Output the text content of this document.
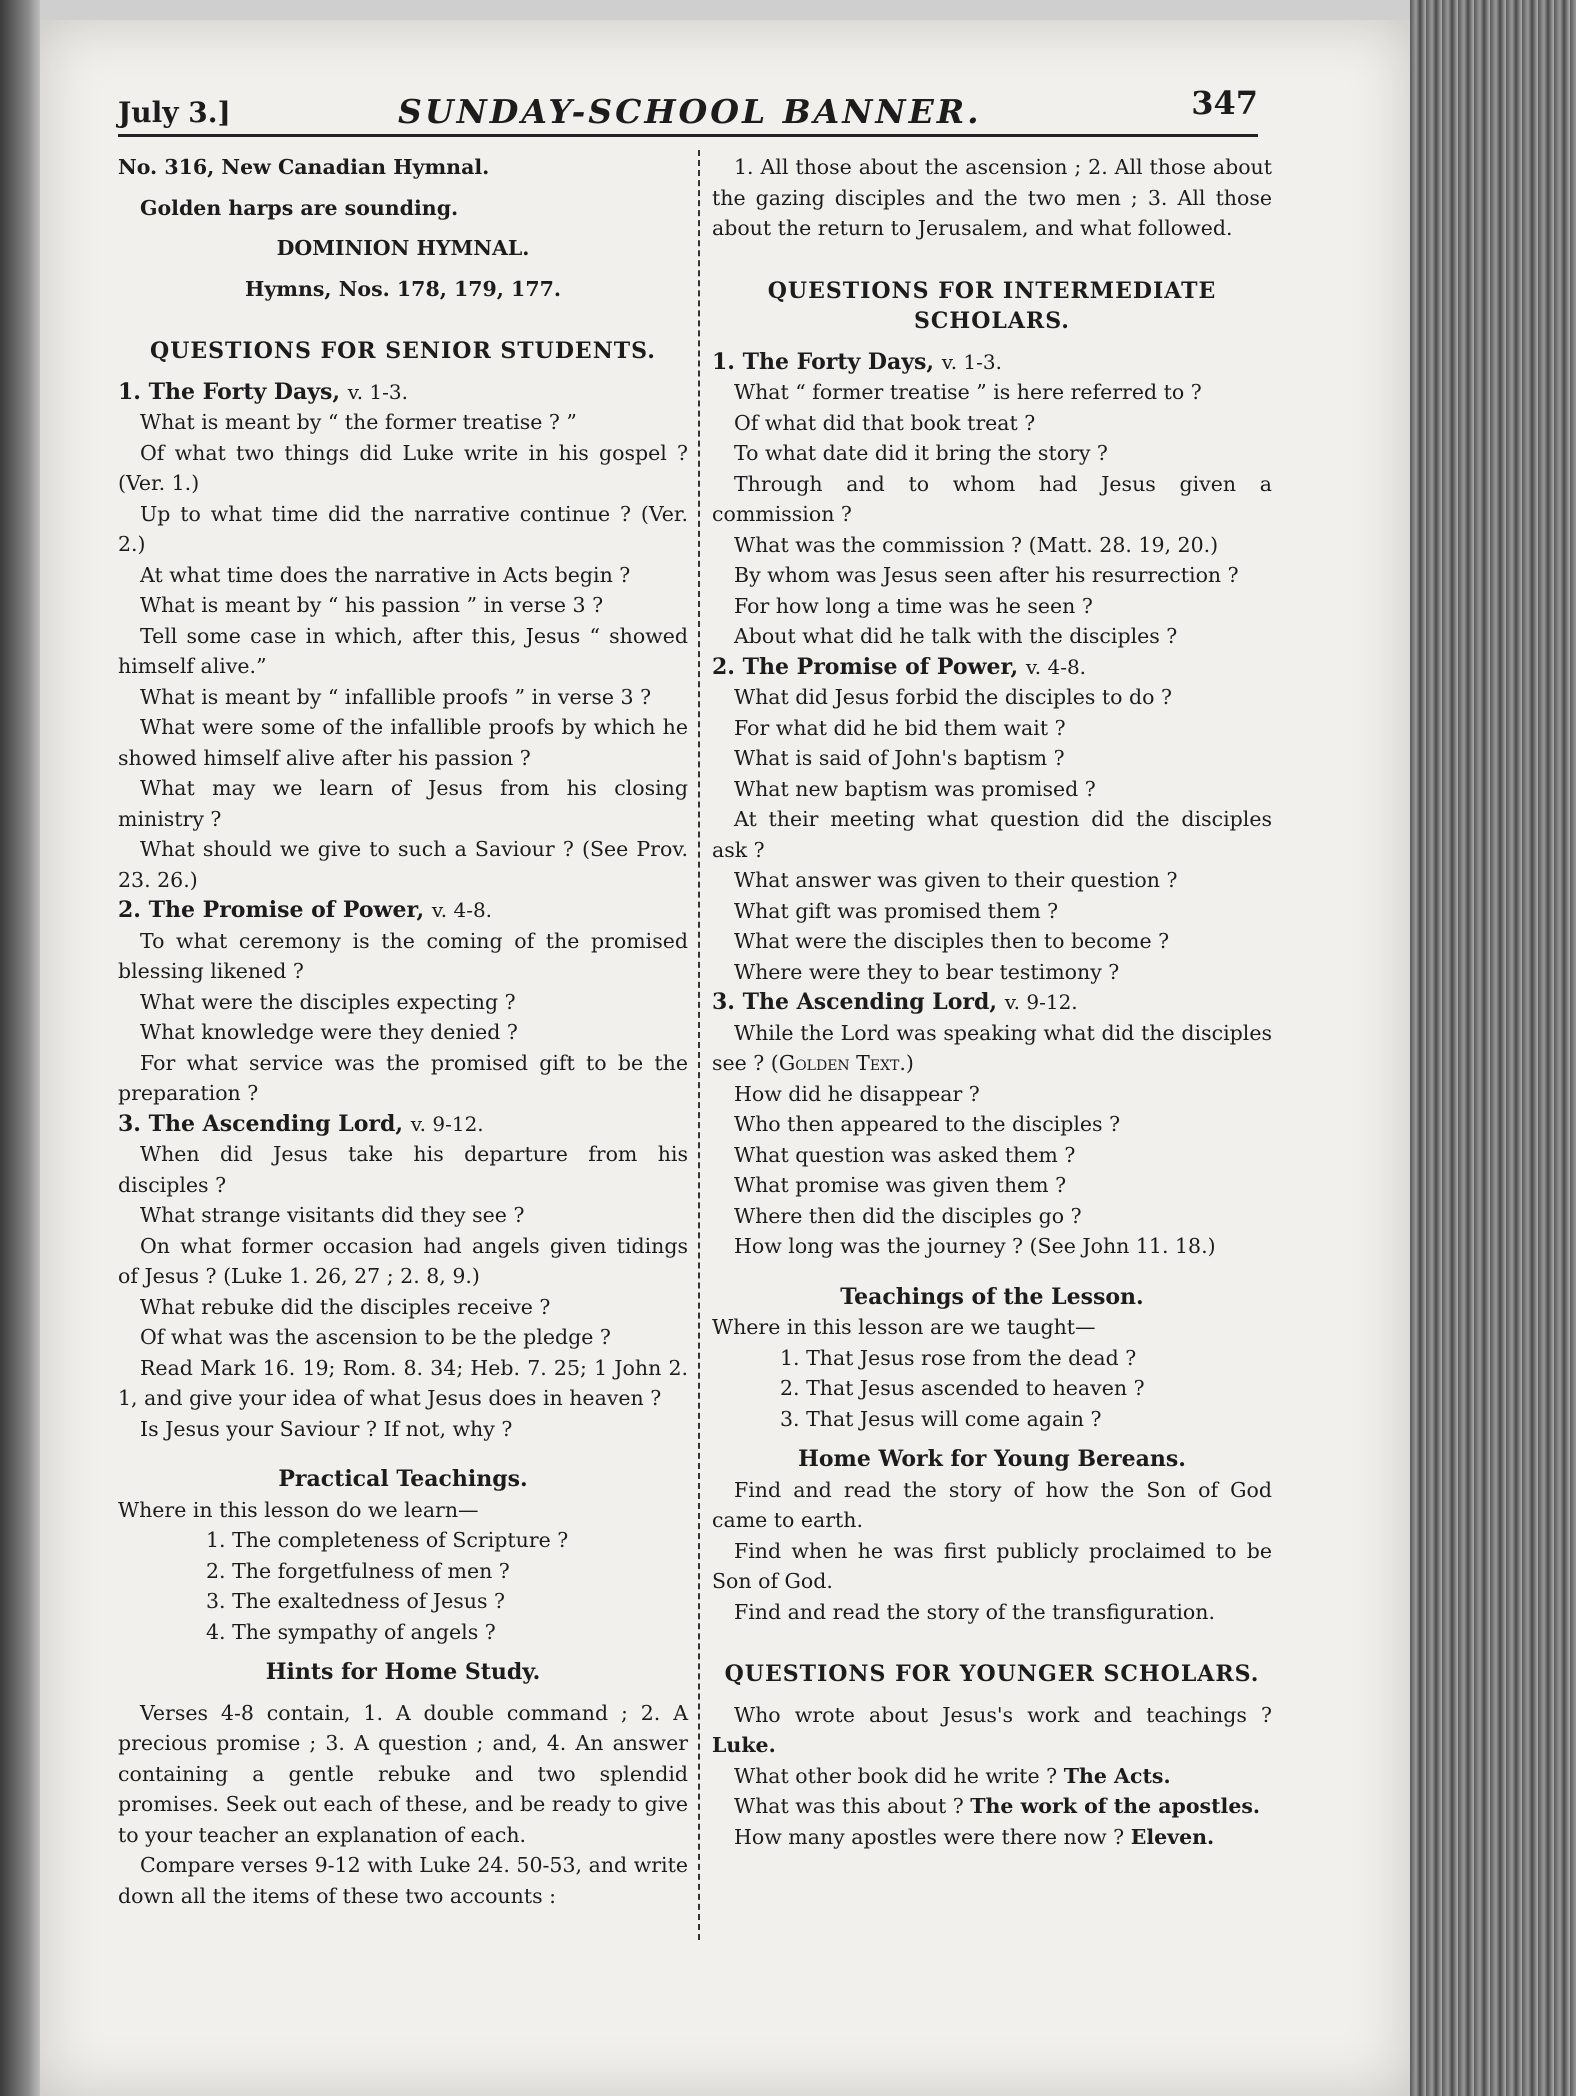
July 3.]	SUNDAY-SCHOOL BANNER.	347

No. 316, New Canadian Hymnal.

Golden harps are sounding.

DOMINION HYMNAL.

Hymns, Nos. 178, 179, 177.

QUESTIONS FOR SENIOR STUDENTS.

1. The Forty Days, v. 1-3.

What is meant by “ the former treatise ? ”

Of what two things did Luke write in his gospel ? (Ver. 1.)

Up to what time did the narrative continue ? (Ver. 2.)

At what time does the narrative in Acts begin ?

What is meant by “ his passion ” in verse 3 ?

Tell some case in which, after this, Jesus “ showed himself alive.”

What is meant by “ infallible proofs ” in verse 3 ?

What were some of the infallible proofs by which he showed himself alive after his passion ?

What may we learn of Jesus from his closing ministry ?

What should we give to such a Saviour ? (See Prov. 23. 26.)

2. The Promise of Power, v. 4-8.

To what ceremony is the coming of the promised blessing likened ?

What were the disciples expecting ?

What knowledge were they denied ?

For what service was the promised gift to be the preparation ?

3. The Ascending Lord, v. 9-12.

When did Jesus take his departure from his disciples ?

What strange visitants did they see ?

On what former occasion had angels given tidings of Jesus ? (Luke 1. 26, 27 ; 2. 8, 9.)

What rebuke did the disciples receive ?

Of what was the ascension to be the pledge ?

Read Mark 16. 19; Rom. 8. 34; Heb. 7. 25; 1 John 2. 1, and give your idea of what Jesus does in heaven ?

Is Jesus your Saviour ? If not, why ?

Practical Teachings.

Where in this lesson do we learn—

1. The completeness of Scripture ?

2. The forgetfulness of men ?

3. The exaltedness of Jesus ?

4. The sympathy of angels ?

Hints for Home Study.

Verses 4-8 contain, 1. A double command ; 2. A precious promise ; 3. A question ; and, 4. An answer containing a gentle rebuke and two splendid promises. Seek out each of these, and be ready to give to your teacher an explanation of each.

Compare verses 9-12 with Luke 24. 50-53, and write down all the items of these two accounts :

1. All those about the ascension ; 2. All those about the gazing disciples and the two men ; 3. All those about the return to Jerusalem, and what followed.

QUESTIONS FOR INTERMEDIATE SCHOLARS.

1. The Forty Days, v. 1-3.

What “ former treatise ” is here referred to ?

Of what did that book treat ?

To what date did it bring the story ?

Through and to whom had Jesus given a commission ?

What was the commission ? (Matt. 28. 19, 20.)

By whom was Jesus seen after his resurrection ?

For how long a time was he seen ?

About what did he talk with the disciples ?

2. The Promise of Power, v. 4-8.

What did Jesus forbid the disciples to do ?

For what did he bid them wait ?

What is said of John's baptism ?

What new baptism was promised ?

At their meeting what question did the disciples ask ?

What answer was given to their question ?

What gift was promised them ?

What were the disciples then to become ?

Where were they to bear testimony ?

3. The Ascending Lord, v. 9-12.

While the Lord was speaking what did the disciples see ? (Golden Text.)

How did he disappear ?

Who then appeared to the disciples ?

What question was asked them ?

What promise was given them ?

Where then did the disciples go ?

How long was the journey ? (See John 11. 18.)

Teachings of the Lesson.

Where in this lesson are we taught—

1. That Jesus rose from the dead ?

2. That Jesus ascended to heaven ?

3. That Jesus will come again ?

Home Work for Young Bereans.

Find and read the story of how the Son of God came to earth.

Find when he was first publicly proclaimed to be Son of God.

Find and read the story of the transfiguration.

QUESTIONS FOR YOUNGER SCHOLARS.

Who wrote about Jesus's work and teachings ? Luke.

What other book did he write ? The Acts.

What was this about ? The work of the apostles.

How many apostles were there now ? Eleven.
